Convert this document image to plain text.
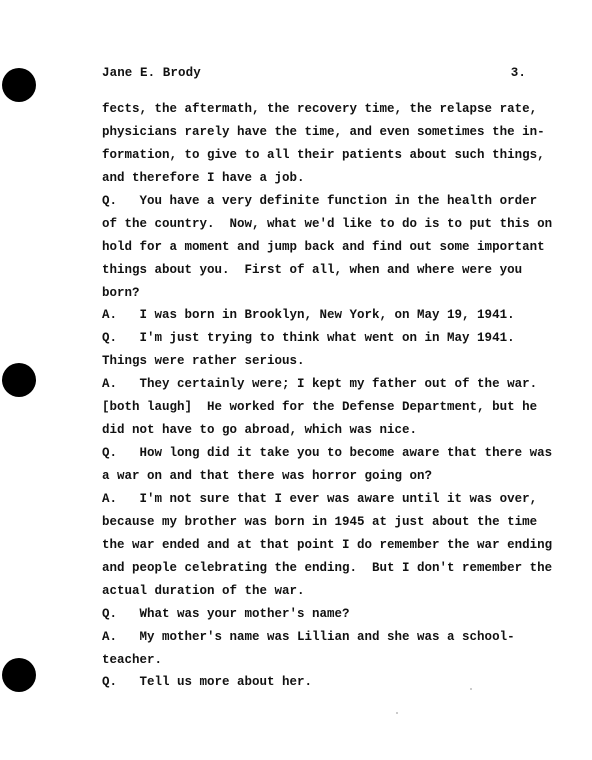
Jane E. Brody	3.
fects, the aftermath, the recovery time, the relapse rate,
physicians rarely have the time, and even sometimes the in-
formation, to give to all their patients about such things,
and therefore I have a job.
Q.   You have a very definite function in the health order
of the country.  Now, what we'd like to do is to put this on
hold for a moment and jump back and find out some important
things about you.  First of all, when and where were you
born?
A.   I was born in Brooklyn, New York, on May 19, 1941.
Q.   I'm just trying to think what went on in May 1941.
Things were rather serious.
A.   They certainly were; I kept my father out of the war.
[both laugh]  He worked for the Defense Department, but he
did not have to go abroad, which was nice.
Q.   How long did it take you to become aware that there was
a war on and that there was horror going on?
A.   I'm not sure that I ever was aware until it was over,
because my brother was born in 1945 at just about the time
the war ended and at that point I do remember the war ending
and people celebrating the ending.  But I don't remember the
actual duration of the war.
Q.   What was your mother's name?
A.   My mother's name was Lillian and she was a school-
teacher.
Q.   Tell us more about her.
